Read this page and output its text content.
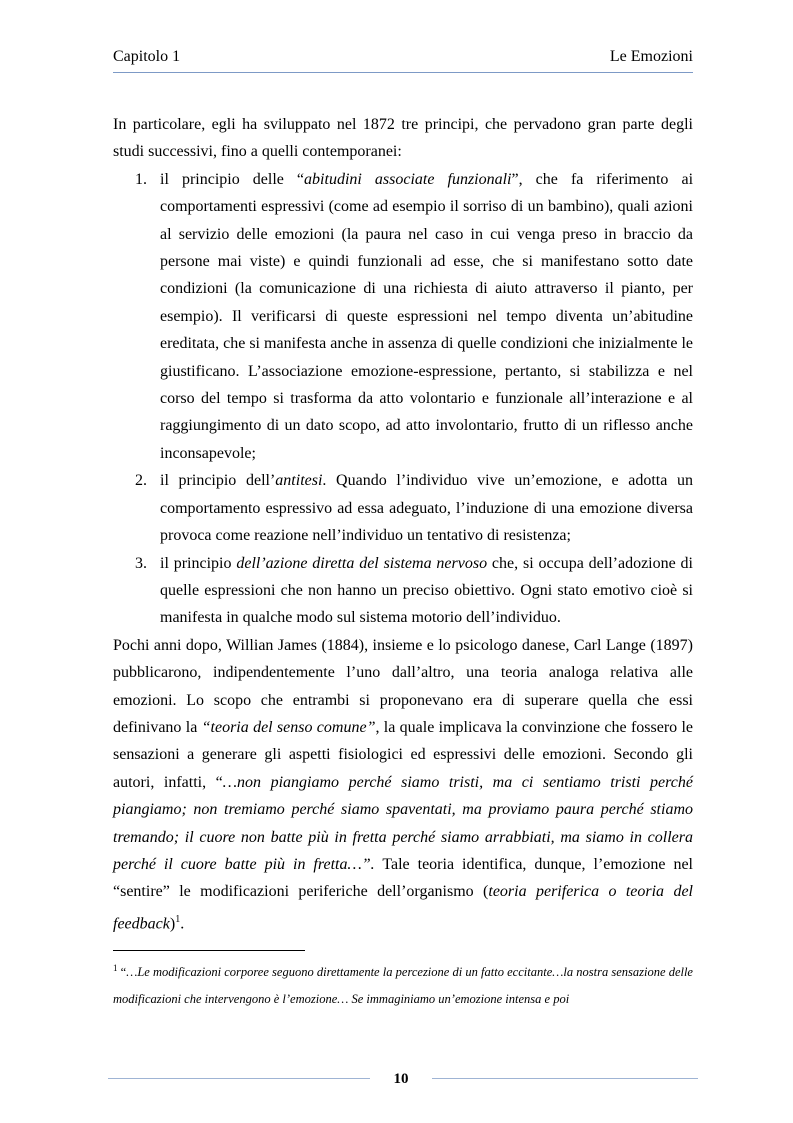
Capitolo 1	Le Emozioni

In particolare, egli ha sviluppato nel 1872 tre principi, che pervadono gran parte degli studi successivi, fino a quelli contemporanei:

1. il principio delle “abitudini associate funzionali”, che fa riferimento ai comportamenti espressivi (come ad esempio il sorriso di un bambino), quali azioni al servizio delle emozioni (la paura nel caso in cui venga preso in braccio da persone mai viste) e quindi funzionali ad esse, che si manifestano sotto date condizioni (la comunicazione di una richiesta di aiuto attraverso il pianto, per esempio). Il verificarsi di queste espressioni nel tempo diventa un’abitudine ereditata, che si manifesta anche in assenza di quelle condizioni che inizialmente le giustificano. L’associazione emozione-espressione, pertanto, si stabilizza e nel corso del tempo si trasforma da atto volontario e funzionale all’interazione e al raggiungimento di un dato scopo, ad atto involontario, frutto di un riflesso anche inconsapevole;
2. il principio dell’antitesi. Quando l’individuo vive un’emozione, e adotta un comportamento espressivo ad essa adeguato, l’induzione di una emozione diversa provoca come reazione nell’individuo un tentativo di resistenza;
3. il principio dell’azione diretta del sistema nervoso che, si occupa dell’adozione di quelle espressioni che non hanno un preciso obiettivo. Ogni stato emotivo cioè si manifesta in qualche modo sul sistema motorio dell’individuo.

Pochi anni dopo, Willian James (1884), insieme e lo psicologo danese, Carl Lange (1897) pubblicarono, indipendentemente l’uno dall’altro, una teoria analoga relativa alle emozioni. Lo scopo che entrambi si proponevano era di superare quella che essi definivano la “teoria del senso comune”, la quale implicava la convinzione che fossero le sensazioni a generare gli aspetti fisiologici ed espressivi delle emozioni. Secondo gli autori, infatti, “…non piangiamo perché siamo tristi, ma ci sentiamo tristi perché piangiamo; non tremiamo perché siamo spaventati, ma proviamo paura perché stiamo tremando; il cuore non batte più in fretta perché siamo arrabbiati, ma siamo in collera perché il cuore batte più in fretta…”. Tale teoria identifica, dunque, l’emozione nel “sentire” le modificazioni periferiche dell’organismo (teoria periferica o teoria del feedback)$^1$.

$^1$ “…Le modificazioni corporee seguono direttamente la percezione di un fatto eccitante…la nostra sensazione delle modificazioni che intervengono è l’emozione… Se immaginiamo un’emozione intensa e poi
10
